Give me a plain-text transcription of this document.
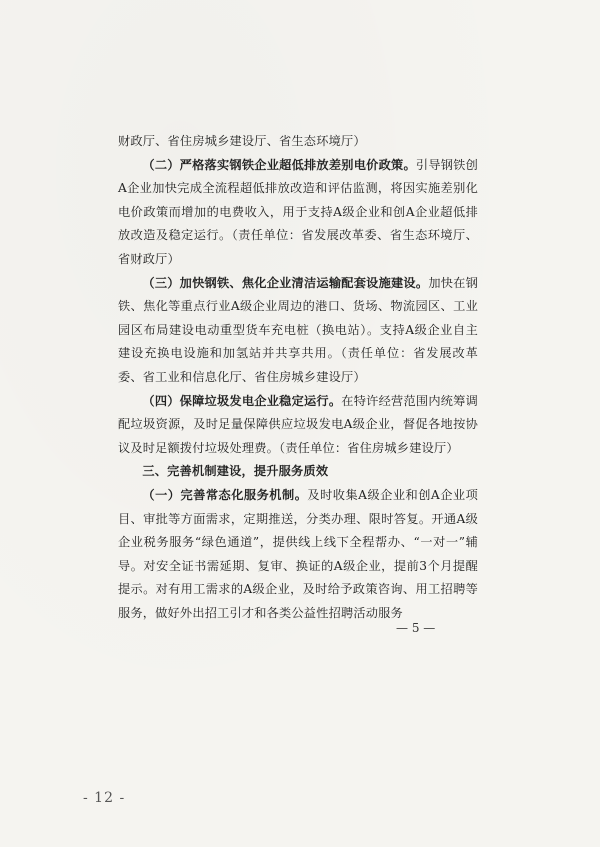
财政厅、省住房城乡建设厅、省生态环境厅）

（二）严格落实钢铁企业超低排放差别电价政策。引导钢铁创A企业加快完成全流程超低排放改造和评估监测，将因实施差别化电价政策而增加的电费收入，用于支持A级企业和创A企业超低排放改造及稳定运行。（责任单位：省发展改革委、省生态环境厅、省财政厅）

（三）加快钢铁、焦化企业清洁运输配套设施建设。加快在钢铁、焦化等重点行业A级企业周边的港口、货场、物流园区、工业园区布局建设电动重型货车充电桩（换电站）。支持A级企业自主建设充换电设施和加氢站并共享共用。（责任单位：省发展改革委、省工业和信息化厅、省住房城乡建设厅）

（四）保障垃圾发电企业稳定运行。在特许经营范围内统筹调配垃圾资源，及时足量保障供应垃圾发电A级企业，督促各地按协议及时足额拨付垃圾处理费。（责任单位：省住房城乡建设厅）

三、完善机制建设，提升服务质效

（一）完善常态化服务机制。及时收集A级企业和创A企业项目、审批等方面需求，定期推送，分类办理、限时答复。开通A级企业税务服务“绿色通道”，提供线上线下全程帮办、“一对一”辅导。对安全证书需延期、复审、换证的A级企业，提前3个月提醒提示。对有用工需求的A级企业，及时给予政策咨询、用工招聘等服务，做好外出招工引才和各类公益性招聘活动服务

— 5 —
- 12 -
